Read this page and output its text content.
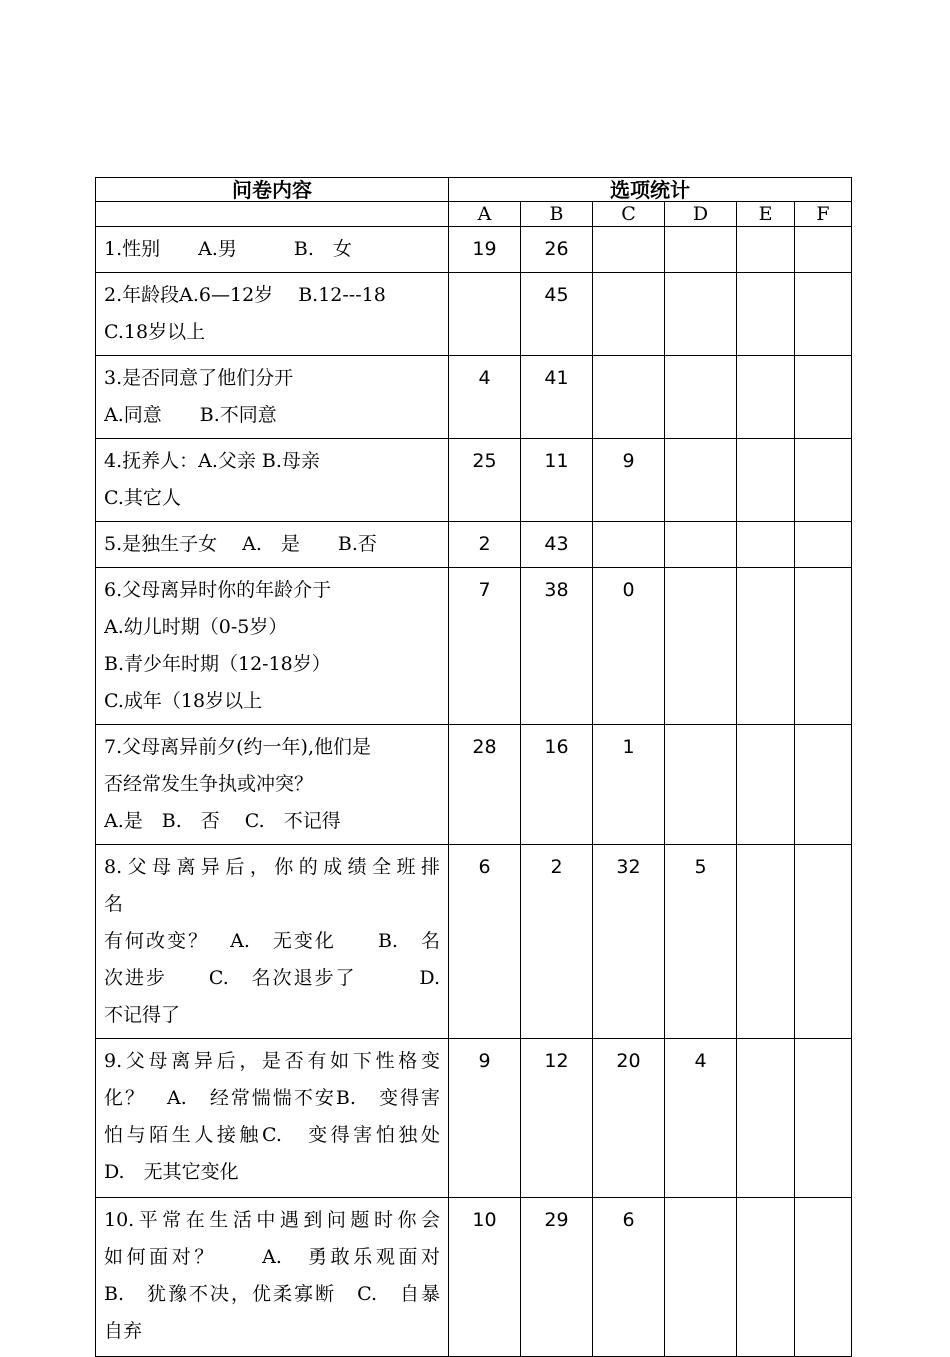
问卷内容	选项统计					
	A	B	C	D	E	F

1.性别　　A.男　　　B.　女	19	26				

2.年龄段A.6—12岁　 B.12---18
C.18岁以上		45				

3.是否同意了他们分开
A.同意　　B.不同意	4	41				

4.抚养人：A.父亲 B.母亲
C.其它人	25	11	9			

5.是独生子女　 A.　是　　B.否	2	43				

6.父母离异时你的年龄介于
A.幼儿时期（0-5岁）
B.青少年时期（12-18岁）
C.成年（18岁以上	7	38	0			

7.父母离异前夕(约一年),他们是
否经常发生争执或冲突？
A.是　B.　否　 C.　不记得	28	16	1			

8.父母离异后，你的成绩全班排
名
有何改变？　A.　无变化　　B.　名
次进步　　C.　名次退步了　　　D.
不记得了	6	2	32	5		

9.父母离异后，是否有如下性格变
化？　A.　经常惴惴不安B.　变得害
怕与陌生人接触C.　变得害怕独处
D.　无其它变化	9	12	20	4		

10.平常在生活中遇到问题时你会
如何面对？　　A.　勇敢乐观面对
B.　犹豫不决，优柔寡断　C.　自暴
自弃	10	29	6			
